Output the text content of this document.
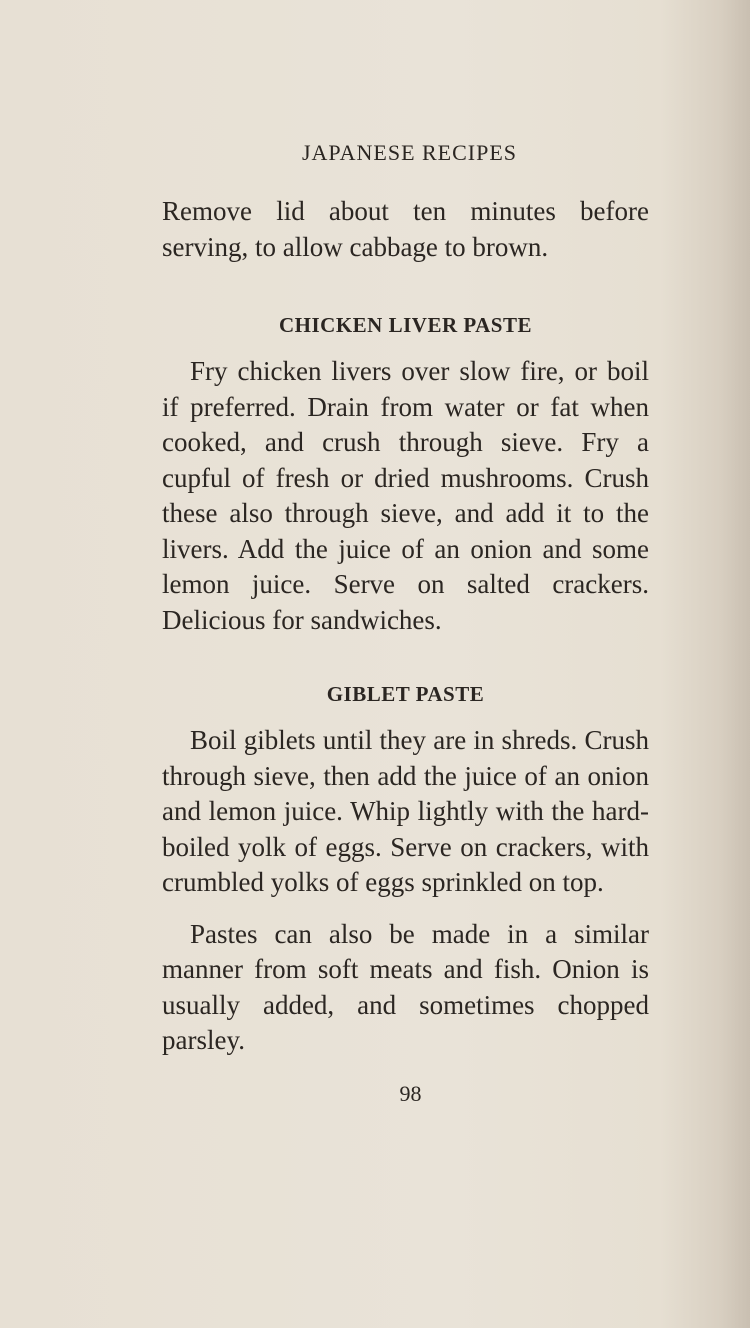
JAPANESE RECIPES

Remove lid about ten minutes before serving, to allow cabbage to brown.

CHICKEN LIVER PASTE

Fry chicken livers over slow fire, or boil if preferred. Drain from water or fat when cooked, and crush through sieve. Fry a cupful of fresh or dried mushrooms. Crush these also through sieve, and add it to the livers. Add the juice of an onion and some lemon juice. Serve on salted crackers. Delicious for sandwiches.

GIBLET PASTE

Boil giblets until they are in shreds. Crush through sieve, then add the juice of an onion and lemon juice. Whip lightly with the hard-boiled yolk of eggs. Serve on crackers, with crumbled yolks of eggs sprinkled on top.

Pastes can also be made in a similar manner from soft meats and fish. Onion is usually added, and sometimes chopped parsley.

98
